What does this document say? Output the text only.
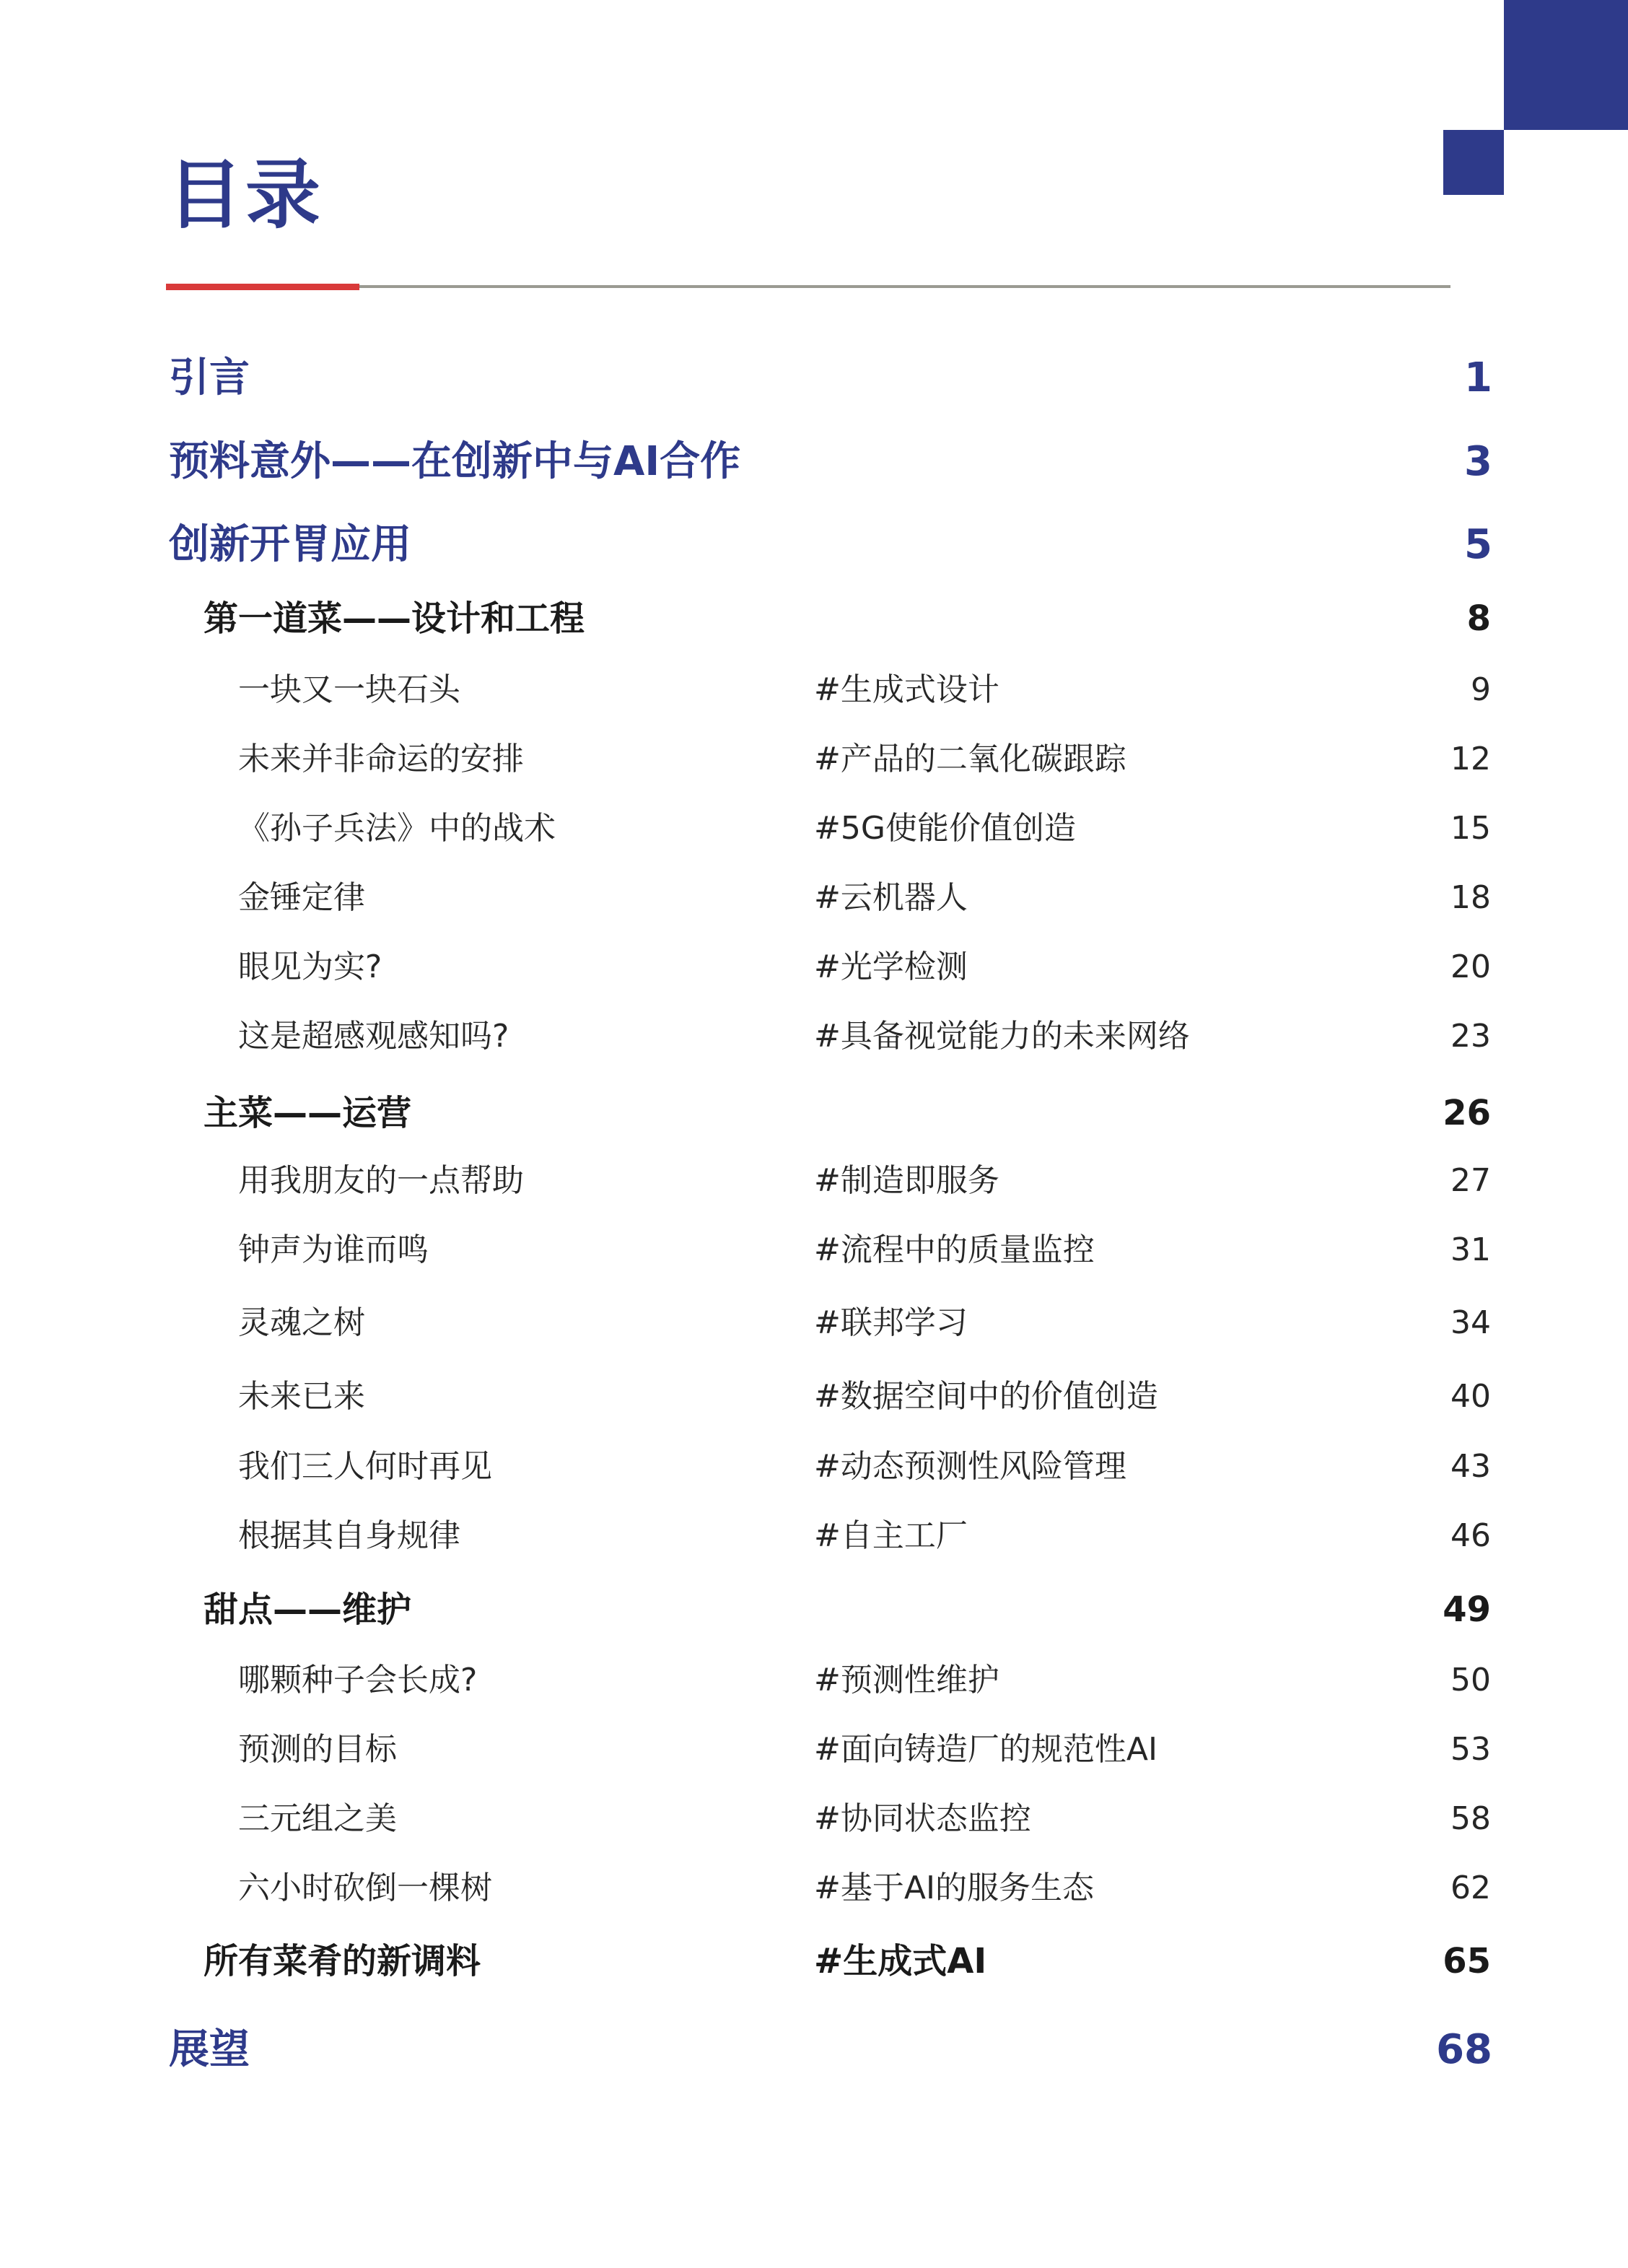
目录
引言	1
预料意外——在创新中与AI合作	3
创新开胃应用	5
第一道菜——设计和工程	8
一块又一块石头	#生成式设计	9
未来并非命运的安排	#产品的二氧化碳跟踪	12
《孙子兵法》中的战术	#5G使能价值创造	15
金锤定律	#云机器人	18
眼见为实?	#光学检测	20
这是超感观感知吗?	#具备视觉能力的未来网络	23
主菜——运营	26
用我朋友的一点帮助	#制造即服务	27
钟声为谁而鸣	#流程中的质量监控	31
灵魂之树	#联邦学习	34
未来已来	#数据空间中的价值创造	40
我们三人何时再见	#动态预测性风险管理	43
根据其自身规律	#自主工厂	46
甜点——维护	49
哪颗种子会长成?	#预测性维护	50
预测的目标	#面向铸造厂的规范性AI	53
三元组之美	#协同状态监控	58
六小时砍倒一棵树	#基于AI的服务生态	62
所有菜肴的新调料	#生成式AI	65
展望	68
